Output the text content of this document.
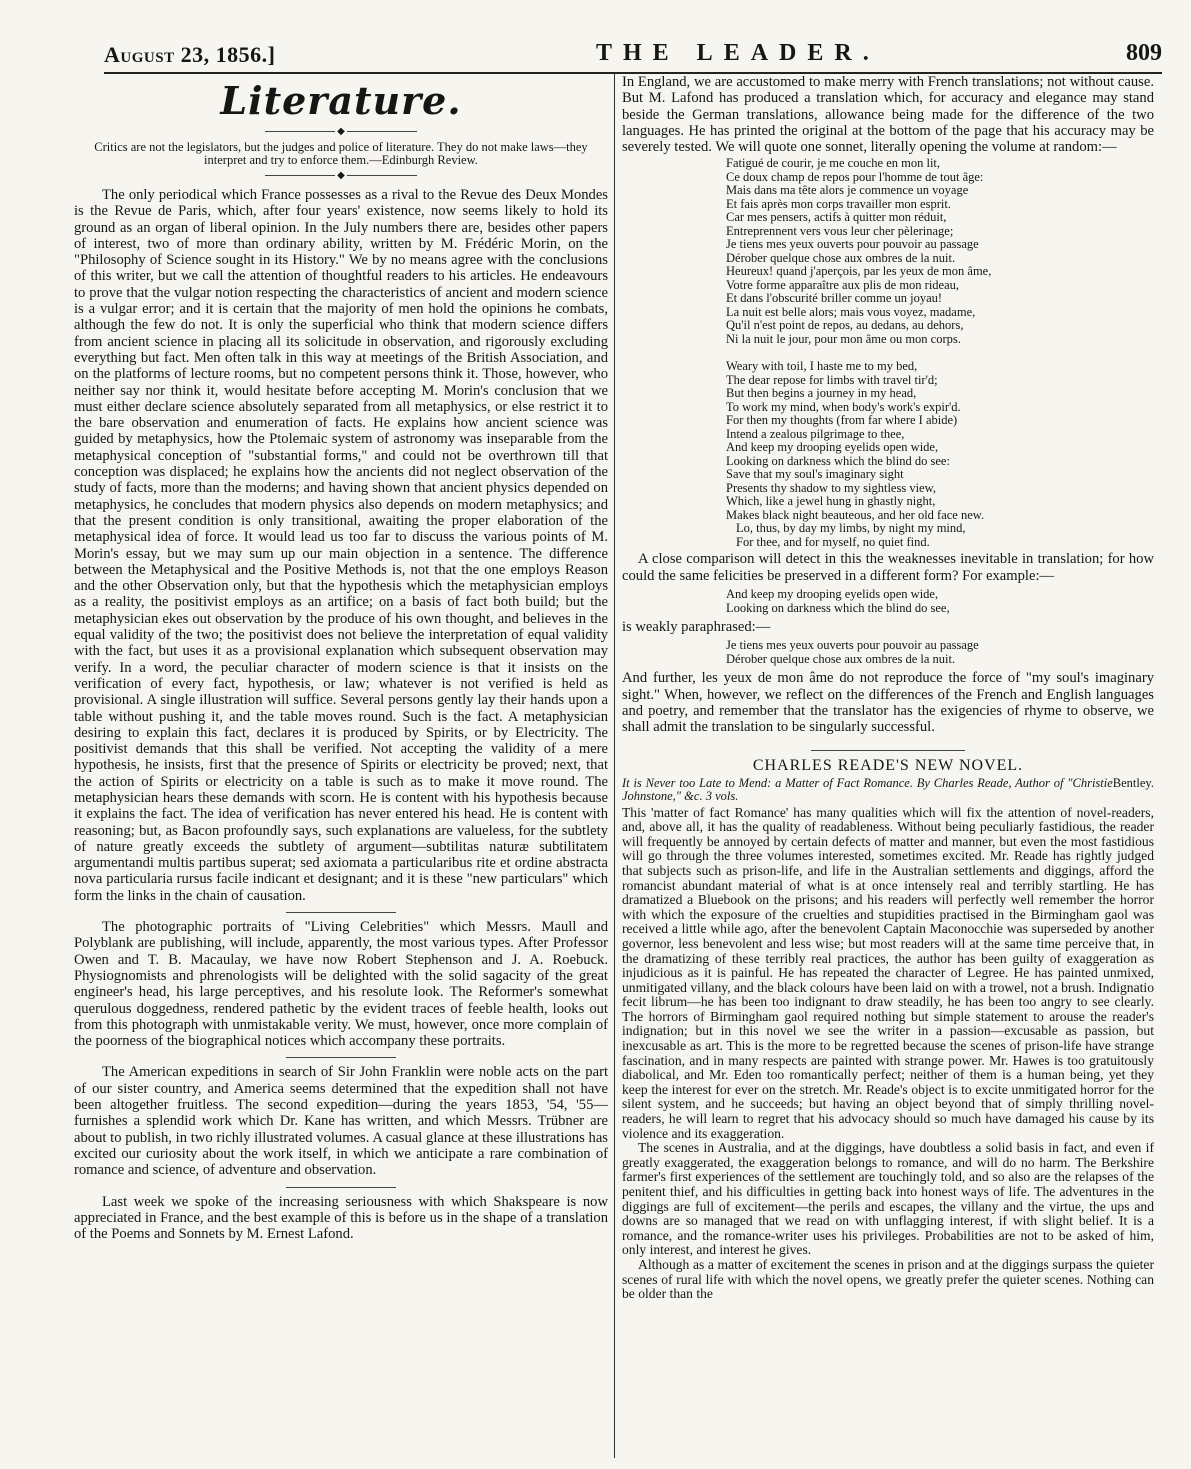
August 23, 1856.]	THE LEADER.	809
Literature.
◆
Critics are not the legislators, but the judges and police of literature. They do not make laws—they interpret and try to enforce them.—Edinburgh Review.
◆

The only periodical which France possesses as a rival to the Revue des Deux Mondes is the Revue de Paris, which, after four years' existence, now seems likely to hold its ground as an organ of liberal opinion. In the July numbers there are, besides other papers of interest, two of more than ordinary ability, written by M. Frédéric Morin, on the "Philosophy of Science sought in its History." We by no means agree with the conclusions of this writer, but we call the attention of thoughtful readers to his articles. He endeavours to prove that the vulgar notion respecting the characteristics of ancient and modern science is a vulgar error; and it is certain that the majority of men hold the opinions he combats, although the few do not. It is only the superficial who think that modern science differs from ancient science in placing all its solicitude in observation, and rigorously excluding everything but fact. Men often talk in this way at meetings of the British Association, and on the platforms of lecture rooms, but no competent persons think it. Those, however, who neither say nor think it, would hesitate before accepting M. Morin's conclusion that we must either declare science absolutely separated from all metaphysics, or else restrict it to the bare observation and enumeration of facts. He explains how ancient science was guided by metaphysics, how the Ptolemaic system of astronomy was inseparable from the metaphysical conception of "substantial forms," and could not be overthrown till that conception was displaced; he explains how the ancients did not neglect observation of the study of facts, more than the moderns; and having shown that ancient physics depended on metaphysics, he concludes that modern physics also depends on modern metaphysics; and that the present condition is only transitional, awaiting the proper elaboration of the metaphysical idea of force. It would lead us too far to discuss the various points of M. Morin's essay, but we may sum up our main objection in a sentence. The difference between the Metaphysical and the Positive Methods is, not that the one employs Reason and the other Observation only, but that the hypothesis which the metaphysician employs as a reality, the positivist employs as an artifice; on a basis of fact both build; but the metaphysician ekes out observation by the produce of his own thought, and believes in the equal validity of the two; the positivist does not believe the interpretation of equal validity with the fact, but uses it as a provisional explanation which subsequent observation may verify. In a word, the peculiar character of modern science is that it insists on the verification of every fact, hypothesis, or law; whatever is not verified is held as provisional. A single illustration will suffice. Several persons gently lay their hands upon a table without pushing it, and the table moves round. Such is the fact. A metaphysician desiring to explain this fact, declares it is produced by Spirits, or by Electricity. The positivist demands that this shall be verified. Not accepting the validity of a mere hypothesis, he insists, first that the presence of Spirits or electricity be proved; next, that the action of Spirits or electricity on a table is such as to make it move round. The metaphysician hears these demands with scorn. He is content with his hypothesis because it explains the fact. The idea of verification has never entered his head. He is content with reasoning; but, as Bacon profoundly says, such explanations are valueless, for the subtlety of nature greatly exceeds the subtlety of argument—subtilitas naturæ subtilitatem argumentandi multis partibus superat; sed axiomata a particularibus rite et ordine abstracta nova particularia rursus facile indicant et designant; and it is these "new particulars" which form the links in the chain of causation.

The photographic portraits of "Living Celebrities" which Messrs. Maull and Polyblank are publishing, will include, apparently, the most various types. After Professor Owen and T. B. Macaulay, we have now Robert Stephenson and J. A. Roebuck. Physiognomists and phrenologists will be delighted with the solid sagacity of the great engineer's head, his large perceptives, and his resolute look. The Reformer's somewhat querulous doggedness, rendered pathetic by the evident traces of feeble health, looks out from this photograph with unmistakable verity. We must, however, once more complain of the poorness of the biographical notices which accompany these portraits.

The American expeditions in search of Sir John Franklin were noble acts on the part of our sister country, and America seems determined that the expedition shall not have been altogether fruitless. The second expedition—during the years 1853, '54, '55—furnishes a splendid work which Dr. Kane has written, and which Messrs. Trübner are about to publish, in two richly illustrated volumes. A casual glance at these illustrations has excited our curiosity about the work itself, in which we anticipate a rare combination of romance and science, of adventure and observation.

Last week we spoke of the increasing seriousness with which Shakspeare is now appreciated in France, and the best example of this is before us in the shape of a translation of the Poems and Sonnets by M. Ernest Lafond.

In England, we are accustomed to make merry with French translations; not without cause. But M. Lafond has produced a translation which, for accuracy and elegance may stand beside the German translations, allowance being made for the difference of the two languages. He has printed the original at the bottom of the page that his accuracy may be severely tested. We will quote one sonnet, literally opening the volume at random:—

Fatigué de courir, je me couche en mon lit,
Ce doux champ de repos pour l'homme de tout âge:
Mais dans ma tête alors je commence un voyage
Et fais après mon corps travailler mon esprit.
Car mes pensers, actifs à quitter mon réduit,
Entreprennent vers vous leur cher pèlerinage;
Je tiens mes yeux ouverts pour pouvoir au passage
Dérober quelque chose aux ombres de la nuit.
Heureux! quand j'aperçois, par les yeux de mon âme,
Votre forme apparaître aux plis de mon rideau,
Et dans l'obscurité briller comme un joyau!
La nuit est belle alors; mais vous voyez, madame,
Qu'il n'est point de repos, au dedans, au dehors,
Ni la nuit le jour, pour mon âme ou mon corps.
Weary with toil, I haste me to my bed,
The dear repose for limbs with travel tir'd;
But then begins a journey in my head,
To work my mind, when body's work's expir'd.
For then my thoughts (from far where I abide)
Intend a zealous pilgrimage to thee,
And keep my drooping eyelids open wide,
Looking on darkness which the blind do see:
Save that my soul's imaginary sight
Presents thy shadow to my sightless view,
Which, like a jewel hung in ghastly night,
Makes black night beauteous, and her old face new.
Lo, thus, by day my limbs, by night my mind,
For thee, and for myself, no quiet find.

A close comparison will detect in this the weaknesses inevitable in translation; for how could the same felicities be preserved in a different form? For example:—

And keep my drooping eyelids open wide,
Looking on darkness which the blind do see,

is weakly paraphrased:—

Je tiens mes yeux ouverts pour pouvoir au passage
Dérober quelque chose aux ombres de la nuit.

And further, les yeux de mon âme do not reproduce the force of "my soul's imaginary sight." When, however, we reflect on the differences of the French and English languages and poetry, and remember that the translator has the exigencies of rhyme to observe, we shall admit the translation to be singularly successful.

CHARLES READE'S NEW NOVEL.
Bentley.
It is Never too Late to Mend: a Matter of Fact Romance. By Charles Reade, Author of "Christie Johnstone," &c. 3 vols.

This 'matter of fact Romance' has many qualities which will fix the attention of novel-readers, and, above all, it has the quality of readableness. Without being peculiarly fastidious, the reader will frequently be annoyed by certain defects of matter and manner, but even the most fastidious will go through the three volumes interested, sometimes excited. Mr. Reade has rightly judged that subjects such as prison-life, and life in the Australian settlements and diggings, afford the romancist abundant material of what is at once intensely real and terribly startling. He has dramatized a Bluebook on the prisons; and his readers will perfectly well remember the horror with which the exposure of the cruelties and stupidities practised in the Birmingham gaol was received a little while ago, after the benevolent Captain Maconocchie was superseded by another governor, less benevolent and less wise; but most readers will at the same time perceive that, in the dramatizing of these terribly real practices, the author has been guilty of exaggeration as injudicious as it is painful. He has repeated the character of Legree. He has painted unmixed, unmitigated villany, and the black colours have been laid on with a trowel, not a brush. Indignatio fecit librum—he has been too indignant to draw steadily, he has been too angry to see clearly. The horrors of Birmingham gaol required nothing but simple statement to arouse the reader's indignation; but in this novel we see the writer in a passion—excusable as passion, but inexcusable as art. This is the more to be regretted because the scenes of prison-life have strange fascination, and in many respects are painted with strange power. Mr. Hawes is too gratuitously diabolical, and Mr. Eden too romantically perfect; neither of them is a human being, yet they keep the interest for ever on the stretch. Mr. Reade's object is to excite unmitigated horror for the silent system, and he succeeds; but having an object beyond that of simply thrilling novel-readers, he will learn to regret that his advocacy should so much have damaged his cause by its violence and its exaggeration.

The scenes in Australia, and at the diggings, have doubtless a solid basis in fact, and even if greatly exaggerated, the exaggeration belongs to romance, and will do no harm. The Berkshire farmer's first experiences of the settlement are touchingly told, and so also are the relapses of the penitent thief, and his difficulties in getting back into honest ways of life. The adventures in the diggings are full of excitement—the perils and escapes, the villany and the virtue, the ups and downs are so managed that we read on with unflagging interest, if with slight belief. It is a romance, and the romance-writer uses his privileges. Probabilities are not to be asked of him, only interest, and interest he gives.

Although as a matter of excitement the scenes in prison and at the diggings surpass the quieter scenes of rural life with which the novel opens, we greatly prefer the quieter scenes. Nothing can be older than the
